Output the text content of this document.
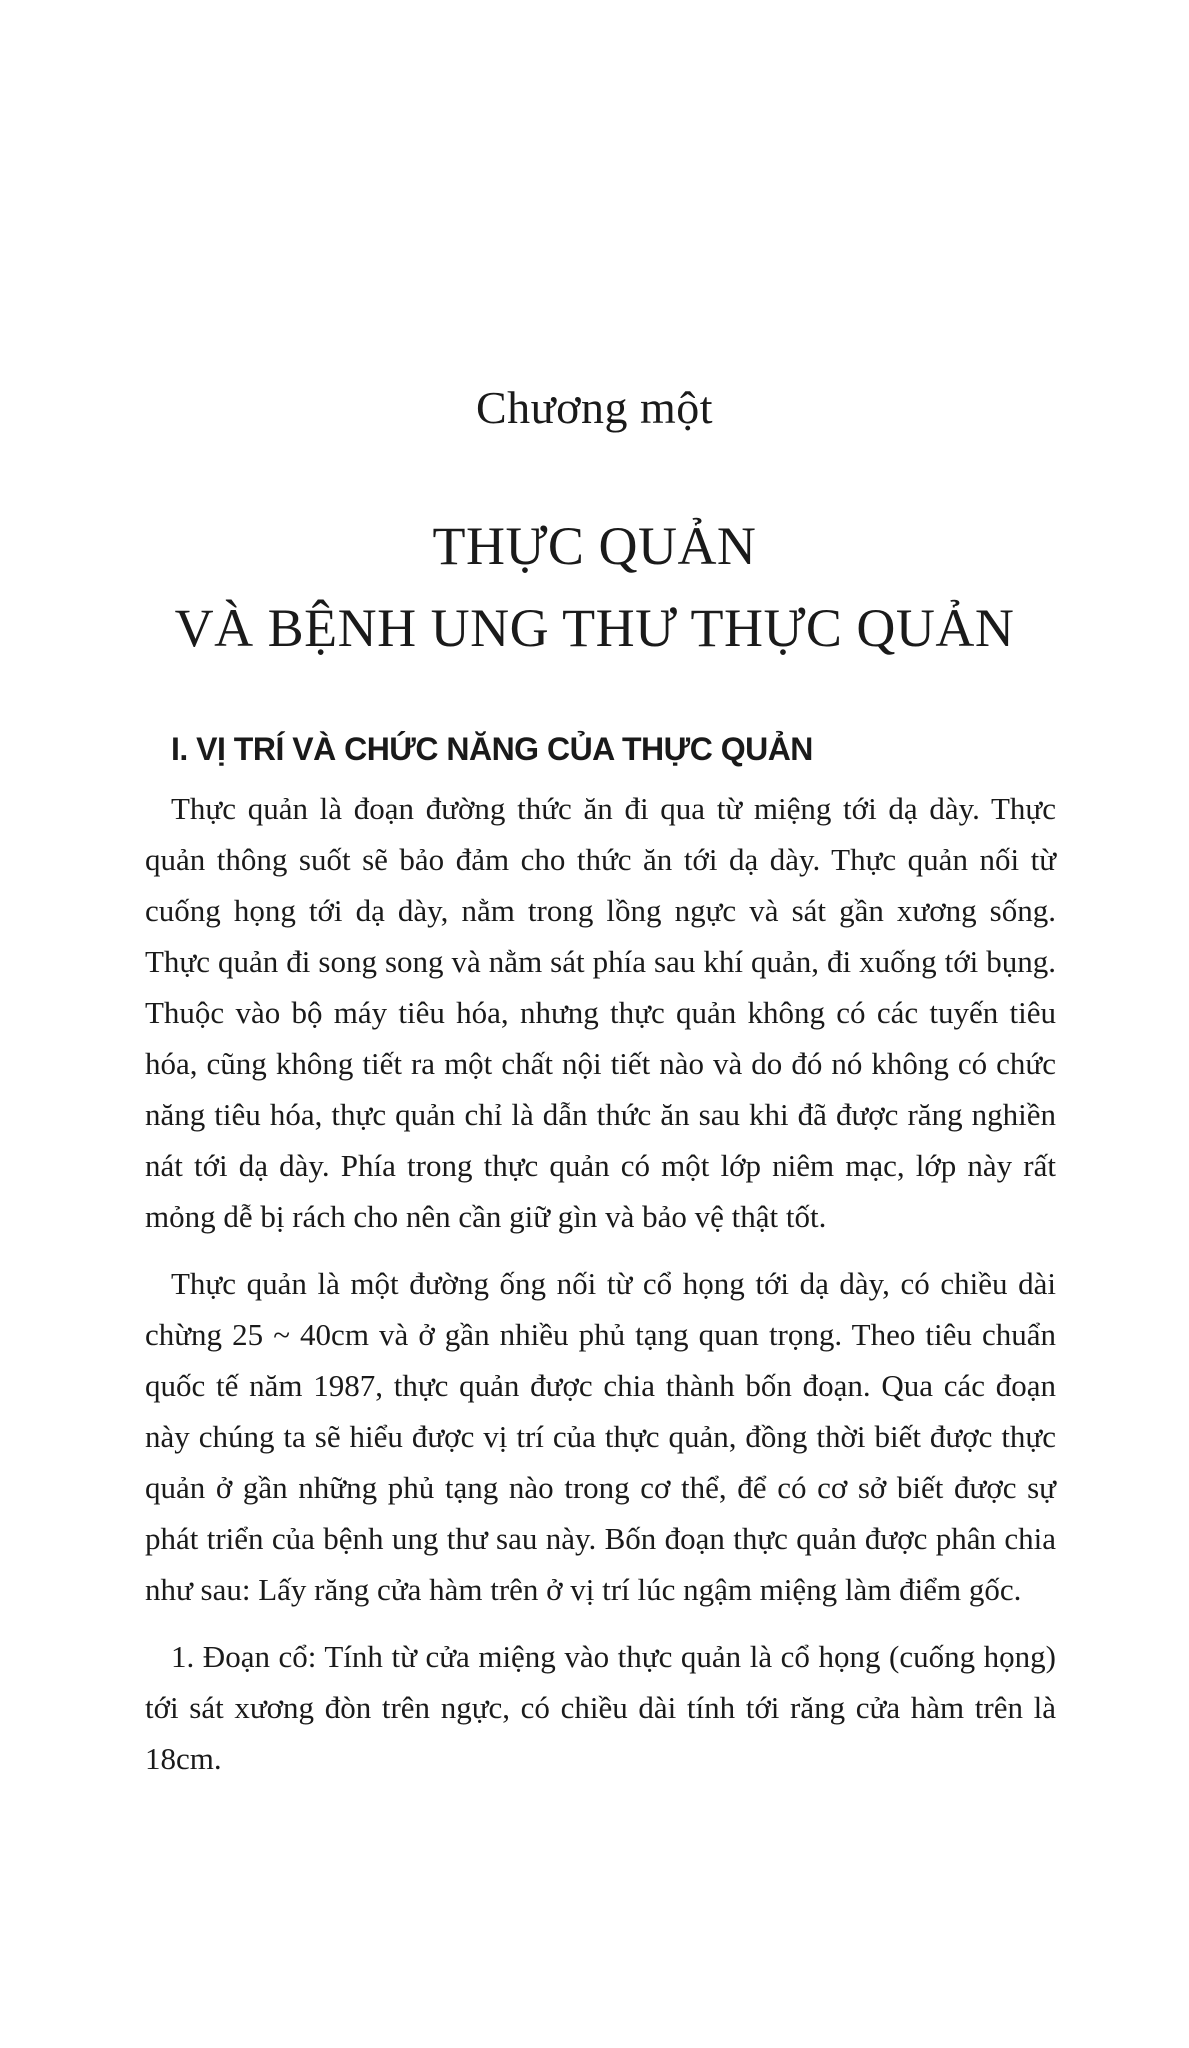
Chương một
THỰC QUẢN
VÀ BỆNH UNG THƯ THỰC QUẢN
I. VỊ TRÍ VÀ CHỨC NĂNG CỦA THỰC QUẢN

Thực quản là đoạn đường thức ăn đi qua từ miệng tới dạ dày. Thực quản thông suốt sẽ bảo đảm cho thức ăn tới dạ dày. Thực quản nối từ cuống họng tới dạ dày, nằm trong lồng ngực và sát gần xương sống. Thực quản đi song song và nằm sát phía sau khí quản, đi xuống tới bụng. Thuộc vào bộ máy tiêu hóa, nhưng thực quản không có các tuyến tiêu hóa, cũng không tiết ra một chất nội tiết nào và do đó nó không có chức năng tiêu hóa, thực quản chỉ là dẫn thức ăn sau khi đã được răng nghiền nát tới dạ dày. Phía trong thực quản có một lớp niêm mạc, lớp này rất mỏng dễ bị rách cho nên cần giữ gìn và bảo vệ thật tốt.

Thực quản là một đường ống nối từ cổ họng tới dạ dày, có chiều dài chừng 25 ~ 40cm và ở gần nhiều phủ tạng quan trọng. Theo tiêu chuẩn quốc tế năm 1987, thực quản được chia thành bốn đoạn. Qua các đoạn này chúng ta sẽ hiểu được vị trí của thực quản, đồng thời biết được thực quản ở gần những phủ tạng nào trong cơ thể, để có cơ sở biết được sự phát triển của bệnh ung thư sau này. Bốn đoạn thực quản được phân chia như sau: Lấy răng cửa hàm trên ở vị trí lúc ngậm miệng làm điểm gốc.

1. Đoạn cổ: Tính từ cửa miệng vào thực quản là cổ họng (cuống họng) tới sát xương đòn trên ngực, có chiều dài tính tới răng cửa hàm trên là 18cm.
